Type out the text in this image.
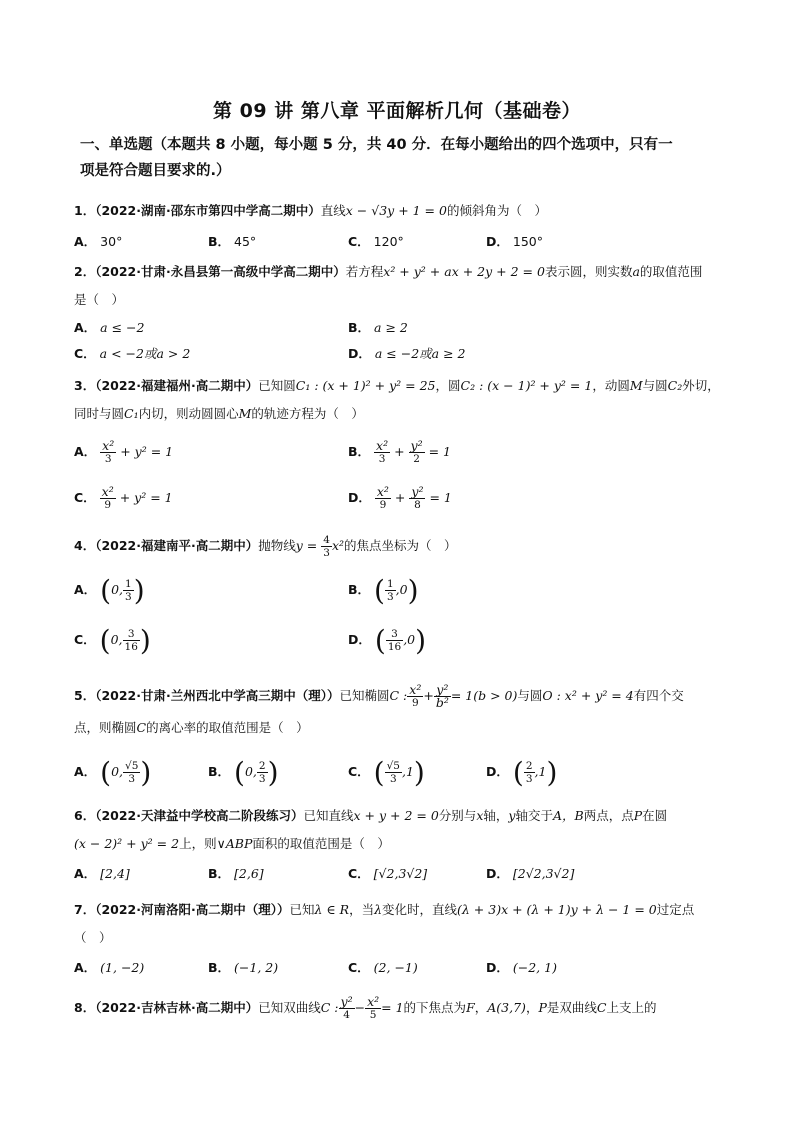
第 09 讲 第八章 平面解析几何（基础卷）
一、单选题（本题共 8 小题，每小题 5 分，共 40 分．在每小题给出的四个选项中，只有一
项是符合题目要求的.）
1．（2022·湖南·邵东市第四中学高二期中）直线x − √3y + 1 = 0的倾斜角为（　）
A． 30°	B． 45°	C． 120°	D． 150°
2．（2022·甘肃·永昌县第一高级中学高二期中）若方程x² + y² + ax + 2y + 2 = 0表示圆，则实数a的取值范围
是（　）
A． a ≤ −2	B． a ≥ 2
C． a < −2或a > 2	D． a ≤ −2或a ≥ 2
3．（2022·福建福州·高二期中）已知圆C₁ : (x + 1)² + y² = 25，圆C₂ : (x − 1)² + y² = 1，动圆M与圆C₂外切，
同时与圆C₁内切，则动圆圆心M的轨迹方程为（　）
A． $\frac{\text{x²}}{3} + y^2 = 1$	B． $\frac{\text{x²}}{3} + \frac{\text{y²}}{2} = 1$
C． $\frac{\text{x²}}{9} + y^2 = 1$	D． $\frac{\text{x²}}{9} + \frac{\text{y²}}{8} = 1$
4．（2022·福建南平·高二期中）抛物线$y = \frac{4}{3} x^2$的焦点坐标为（　）
A． (0, $\frac{1}{3}$ )	B． ( $\frac{1}{3} ,0$)
C． (0, $\frac{3}{16}$ )	D． ( $\frac{3}{16} ,0$)
5．（2022·甘肃·兰州西北中学高三期中（理））已知椭圆C : $\frac{\text{x²}}{9} + \frac{\text{y²}}{\text{b²}} = 1(b > 0)$与圆O : x² + y² = 4有四个交
点，则椭圆C的离心率的取值范围是（　）
A． (0, $\frac{√5}{3}$ )	B． (0, $\frac{2}{3}$ )	C． ( $\frac{√5}{3} ,1$)	D． ( $\frac{2}{3} ,1$)
6．（2022·天津益中学校高二阶段练习）已知直线x + y + 2 = 0分别与x轴，y轴交于A，B两点，点P在圆
(x − 2)² + y² = 2上，则∨ABP面积的取值范围是（　）
A． [2,4]	B． [2,6]	C． [√2,3√2]	D． [2√2,3√2]
7．（2022·河南洛阳·高二期中（理））已知λ ∈ R，当λ变化时，直线(λ + 3)x + (λ + 1)y + λ − 1 = 0过定点
（　）
A． (1, −2)	B． (−1, 2)	C． (2, −1)	D． (−2, 1)
8．（2022·吉林吉林·高二期中）已知双曲线C : $\frac{\text{y²}}{4} - \frac{\text{x²}}{5} = 1$的下焦点为F，A(3,7)，P是双曲线C上支上的
